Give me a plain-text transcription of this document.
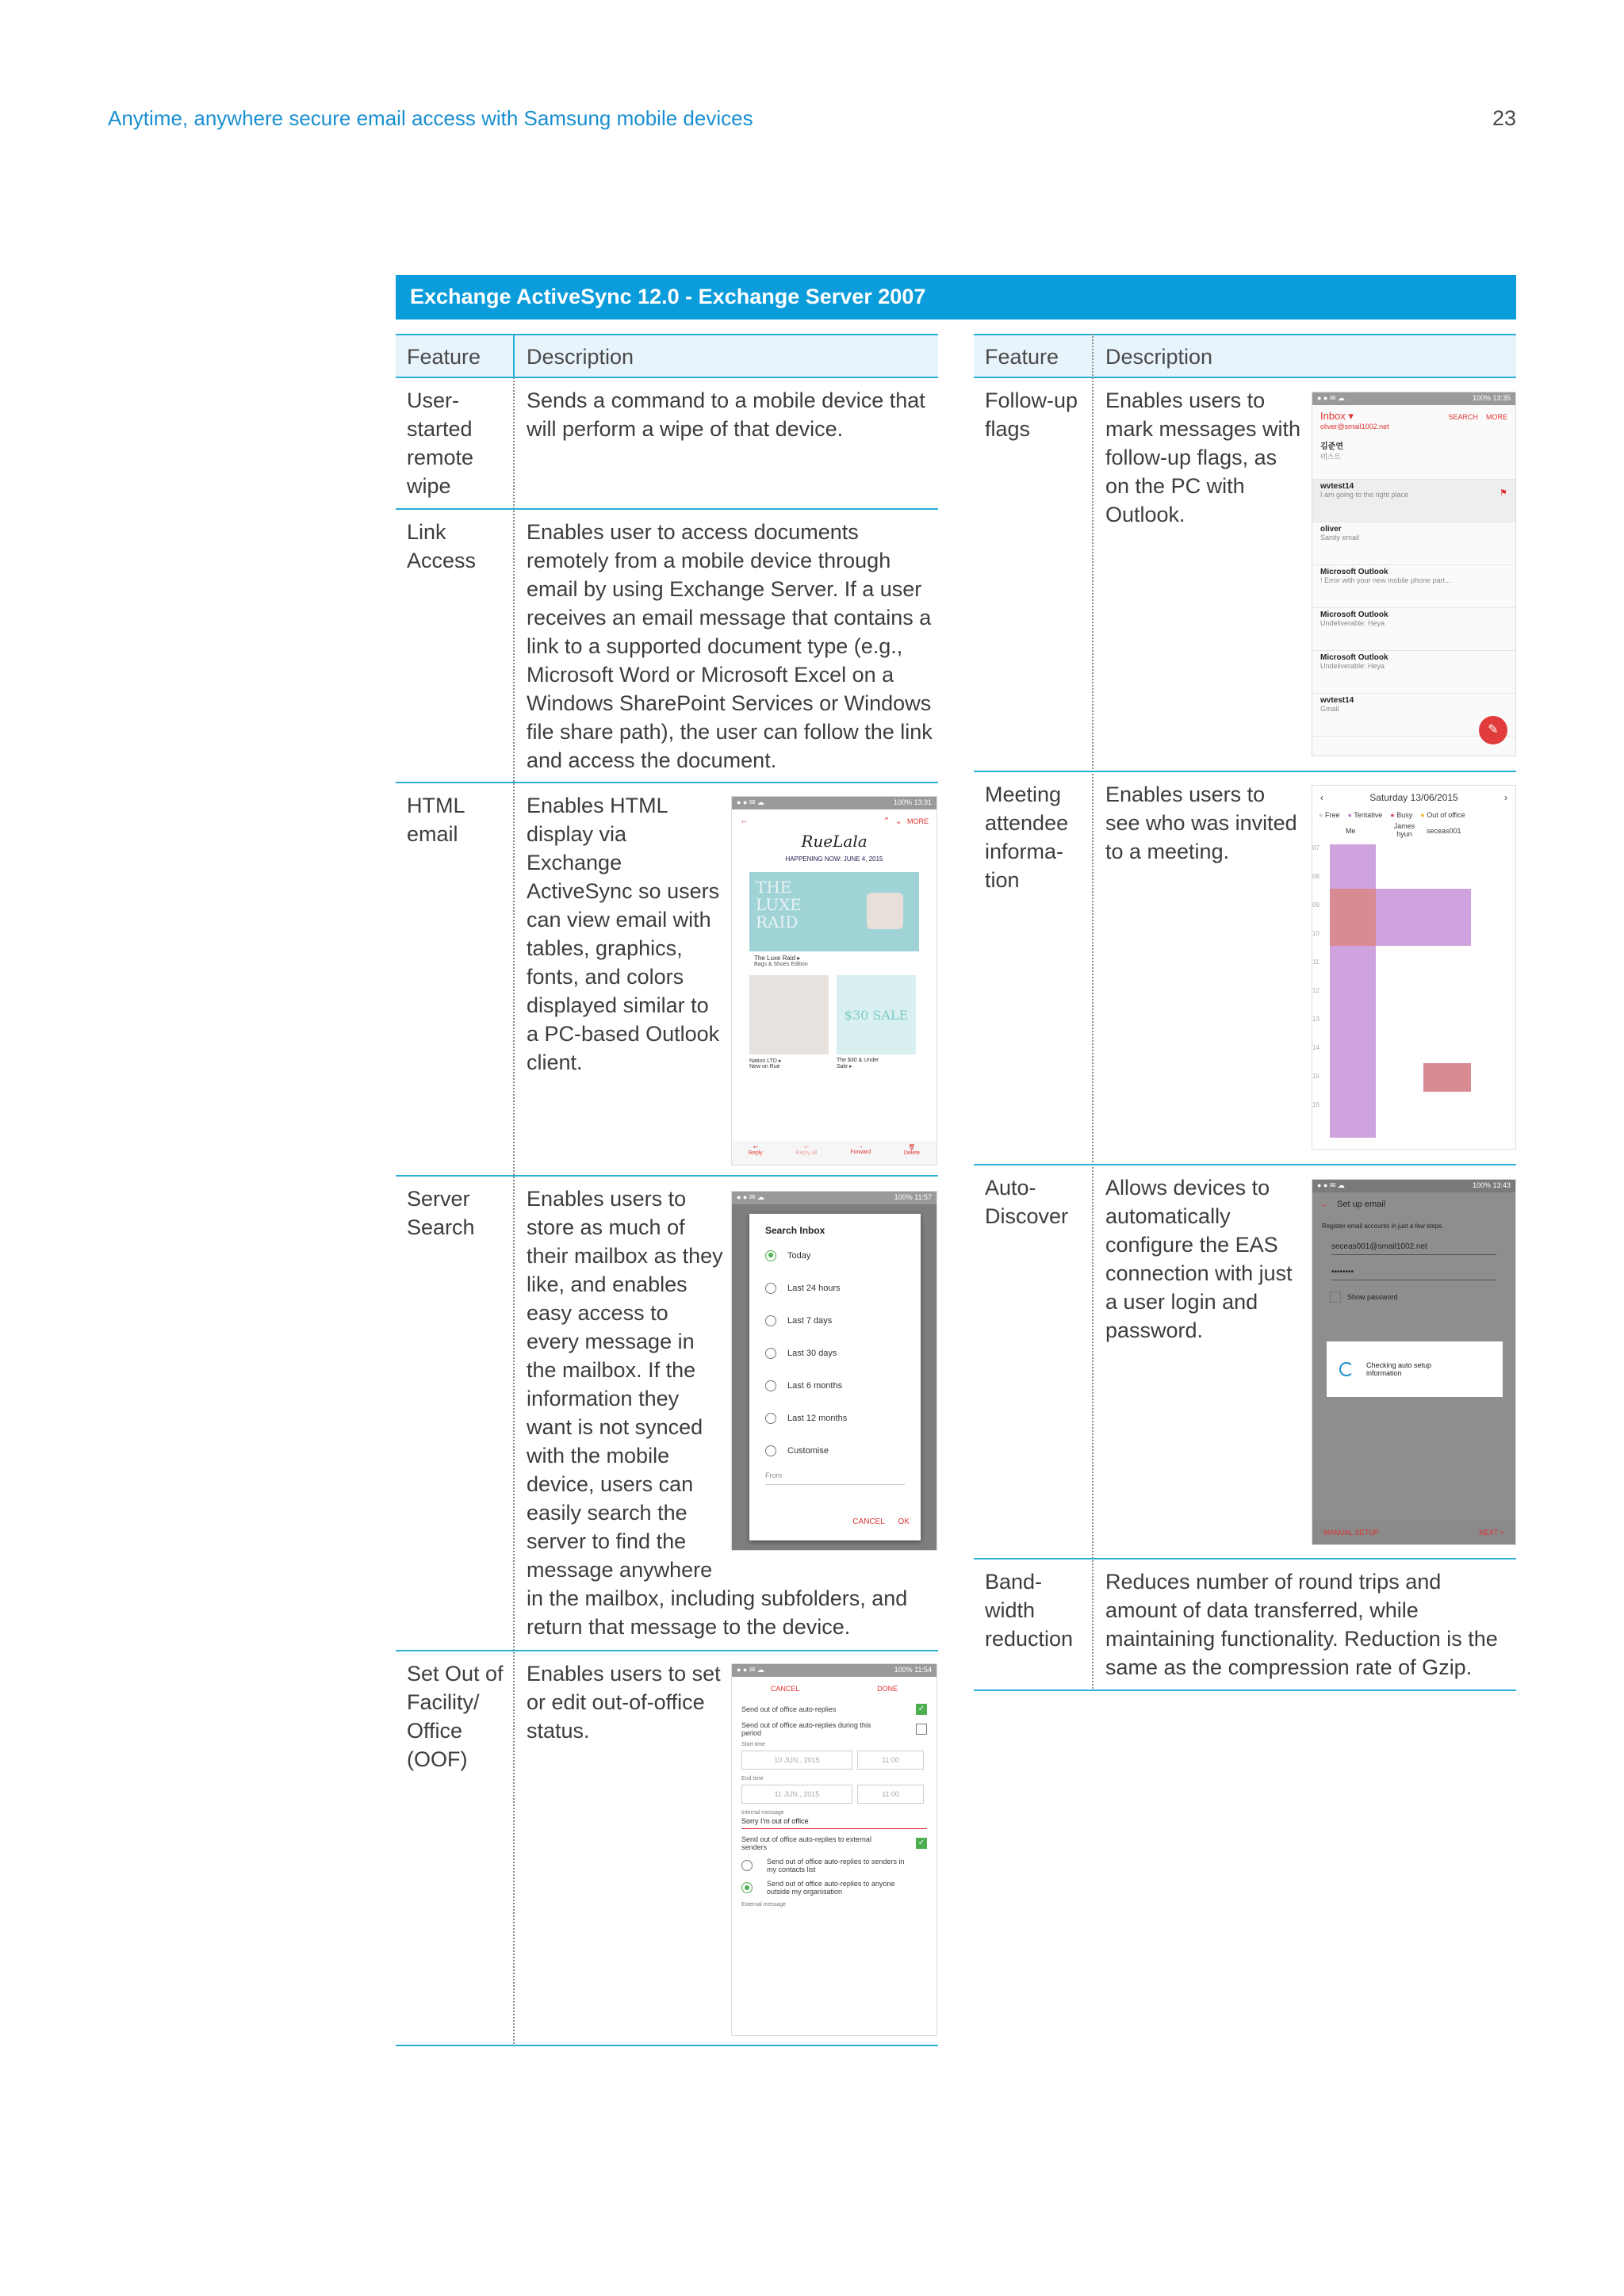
Anytime, anywhere secure email access with Samsung mobile devices	23
Exchange ActiveSync 12.0 - Exchange Server 2007
Feature Description
User-
started
remote
wipe
Sends a command to a mobile device that will perform a wipe of that device.
Link
Access
Enables user to access documents remotely from a mobile device through email by using Exchange Server. If a user receives an email message that contains a link to a supported document type (e.g., Microsoft Word or Microsoft Excel on a Windows SharePoint Services or Windows file share path), the user can follow the link and access the document.
HTML
email
Enables HTML display via Exchange ActiveSync so users can view email with tables, graphics, fonts, and colors displayed similar to a PC-based Outlook client.
Server
Search
Enables users to store as much of their mailbox as they like, and enables easy access to every message in the mailbox. If the information they want is not synced with the mobile device, users can easily search the server to find the message anywhere
in the mailbox, including subfolders, and return that message to the device.
Set Out of
Facility/
Office
(OOF)
Enables users to set or edit out-of-office status.
Feature Description
Follow-up
flags
Enables users to mark messages with follow-up flags, as on the PC with Outlook.
Meeting
attendee
informa-
tion
Enables users to see who was invited to a meeting.
Auto-
Discover
Allows devices to automatically configure the EAS connection with just a user login and password.
Band-
width
reduction
Reduces number of round trips and amount of data transferred, while maintaining functionality. Reduction is the same as the compression rate of Gzip.
● ● ✉ ☁	100% 13:35
Inbox ▾
oliver@smail1002.net
SEARCH MORE
김준연
테스트
wvtest14
I am going to the right place	⚑
oliver
Sanity email
Microsoft Outlook
! Error with your new mobile phone part...
Microsoft Outlook
Undeliverable: Heya
Microsoft Outlook
Undeliverable: Heya
wvtest14
Gmail
✎
‹	Saturday 13/06/2015	›
● Free ● Tentative ● Busy ● Out of office
Me
James hyun	seceas001
07
08
09
10
11
12
13
14
15
16
● ● ✉ ☁	100% 13:31
←	⌃ ⌄ MORE
RueLala
HAPPENING NOW: JUNE 4, 2015
THE LUXE RAID
The Luxe Raid ▸
Bags & Shoes Edition
$30 SALE
Nation LTD ▸
New on Rue
The $30 & Under
Sale ▸
↩
Reply
↩
Reply all
→
Forward
🗑
Delete
● ● ✉ ☁	100% 11:57
Search Inbox
Today
Last 24 hours
Last 7 days
Last 30 days
Last 6 months
Last 12 months
Customise
From
CANCEL OK
● ● ✉ ☁	100% 13:43
← Set up email
Register email accounts in just a few steps.
seceas001@smail1002.net
••••••••
Show password
Checking auto setup information
MANUAL SETUP	NEXT >
● ● ✉ ☁	100% 11:54
CANCEL	DONE
Send out of office auto-replies	✓
Send out of office auto-replies during this period
Start time
10 JUN., 2015	11:00
End time
11 JUN., 2015	11:00
Internal message
Sorry I'm out of office
Send out of office auto-replies to external senders	✓
Send out of office auto-replies to senders in my contacts list
Send out of office auto-replies to anyone outside my organisation
External message
